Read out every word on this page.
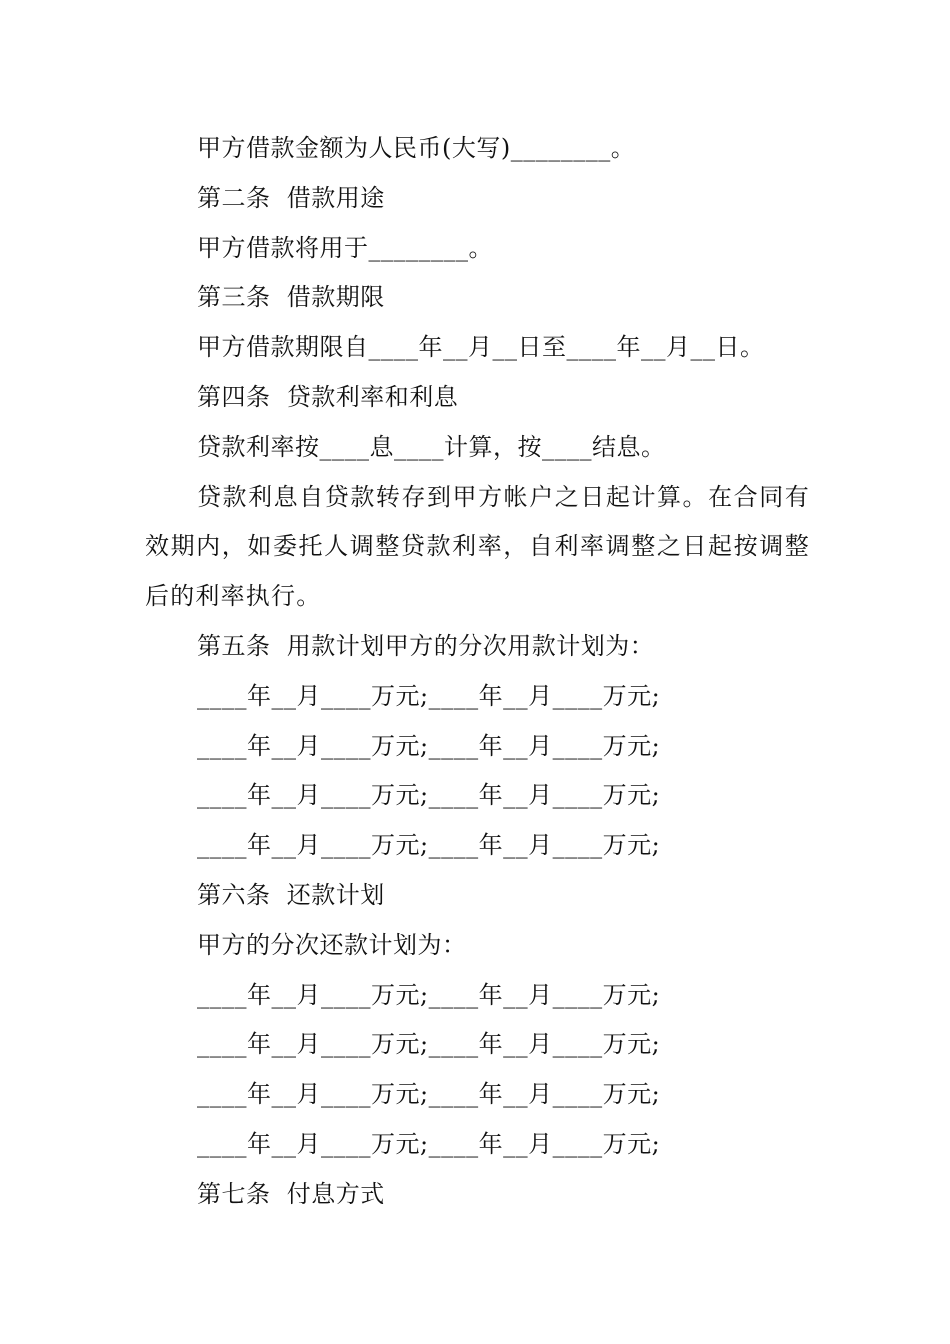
甲方借款金额为人民币(大写)________。
第二条  借款用途
甲方借款将用于________。
第三条  借款期限
甲方借款期限自____年__月__日至____年__月__日。
第四条  贷款利率和利息
贷款利率按____息____计算，按____结息。
贷款利息自贷款转存到甲方帐户之日起计算。在合同有效期内，如委托人调整贷款利率，自利率调整之日起按调整后的利率执行。
第五条  用款计划甲方的分次用款计划为：
____年__月____万元;____年__月____万元;
____年__月____万元;____年__月____万元;
____年__月____万元;____年__月____万元;
____年__月____万元;____年__月____万元;
第六条  还款计划
甲方的分次还款计划为：
____年__月____万元;____年__月____万元;
____年__月____万元;____年__月____万元;
____年__月____万元;____年__月____万元;
____年__月____万元;____年__月____万元;
第七条  付息方式
